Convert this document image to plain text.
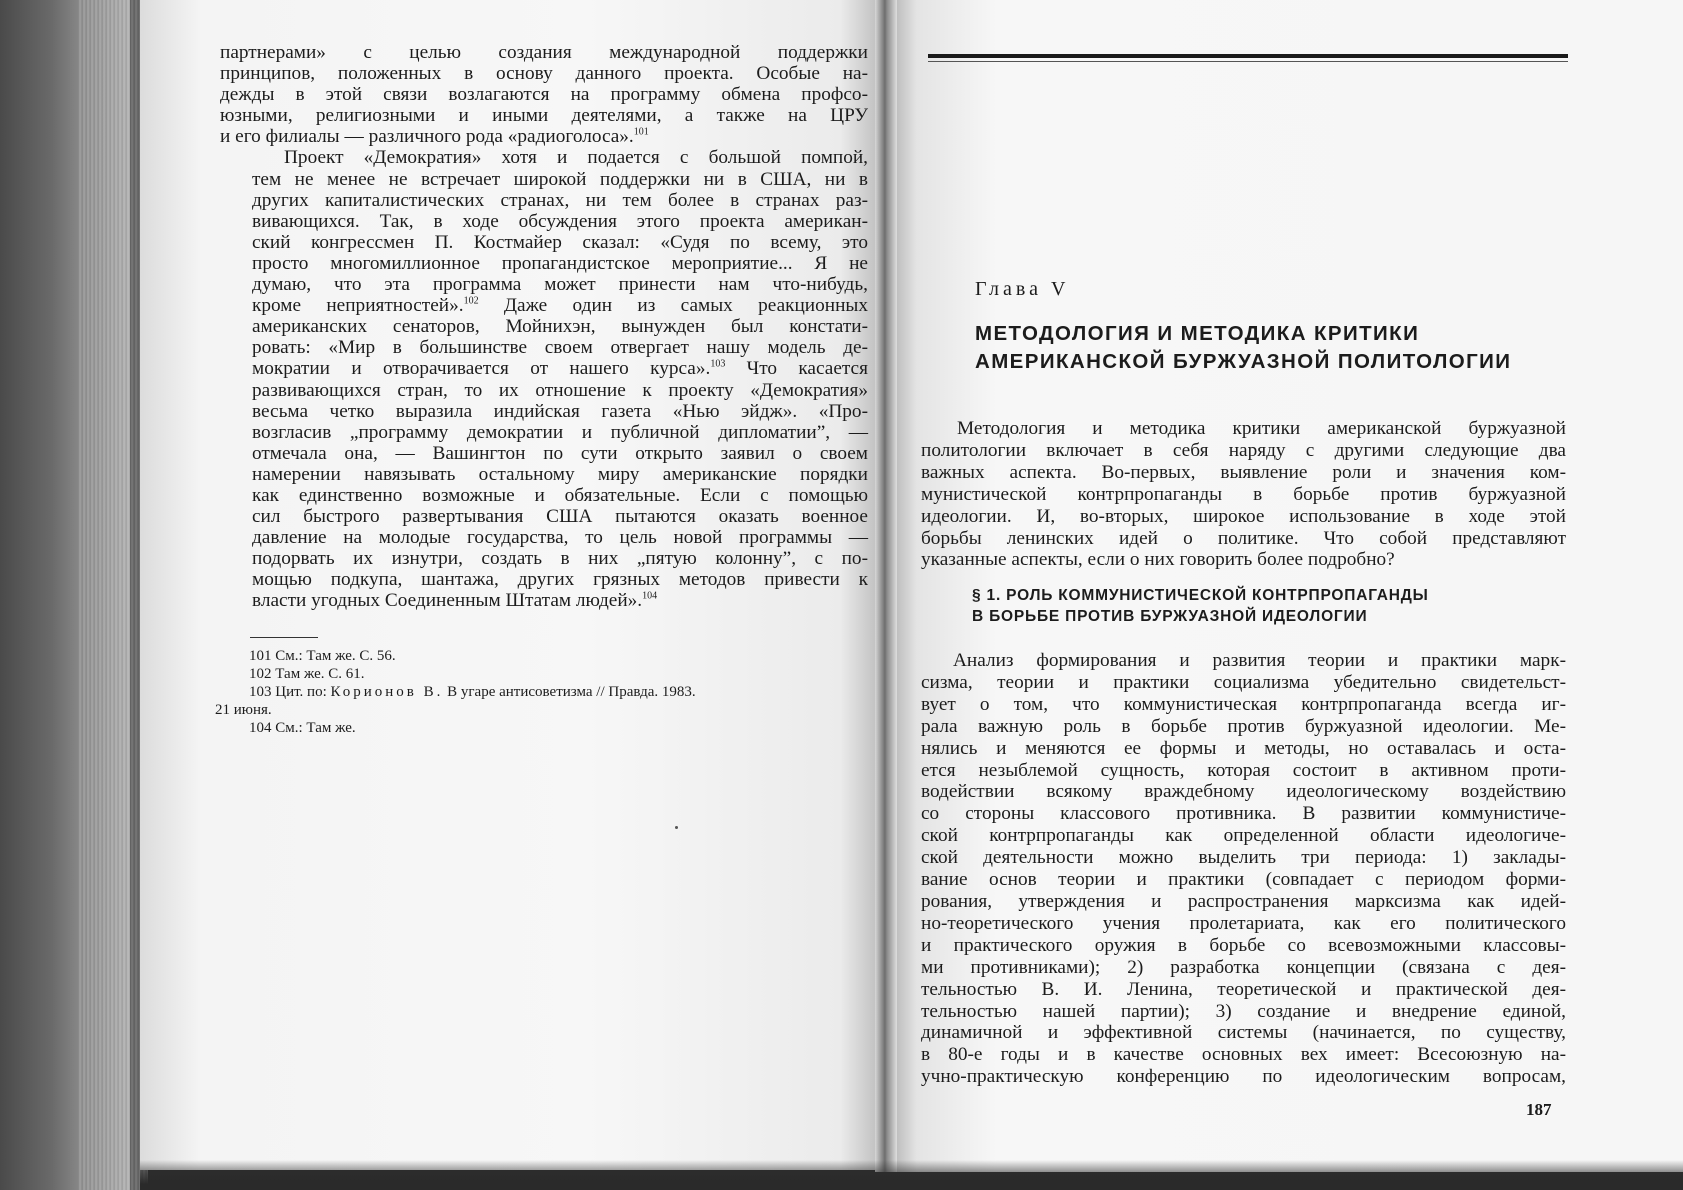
партнерами» с целью создания международной поддержки
принципов, положенных в основу данного проекта. Особые на-
дежды в этой связи возлагаются на программу обмена профсо-
юзными, религиозными и иными деятелями, а также на ЦРУ
и его филиалы — различного рода «радиоголоса».$^{101}$

Проект «Демократия» хотя и подается с большой помпой,
тем не менее не встречает широкой поддержки ни в США, ни в
других капиталистических странах, ни тем более в странах раз-
вивающихся. Так, в ходе обсуждения этого проекта американ-
ский конгрессмен П. Костмайер сказал: «Судя по всему, это
просто многомиллионное пропагандистское мероприятие... Я не
думаю, что эта программа может принести нам что-нибудь,
кроме неприятностей».$^{102}$ Даже один из самых реакционных
американских сенаторов, Мойнихэн, вынужден был констати-
ровать: «Мир в большинстве своем отвергает нашу модель де-
мократии и отворачивается от нашего курса».$^{103}$ Что касается
развивающихся стран, то их отношение к проекту «Демократия»
весьма четко выразила индийская газета «Нью эйдж». «Про-
возгласив „программу демократии и публичной дипломатии”, —
отмечала она, — Вашингтон по сути открыто заявил о своем
намерении навязывать остальному миру американские порядки
как единственно возможные и обязательные. Если с помощью
сил быстрого развертывания США пытаются оказать военное
давление на молодые государства, то цель новой программы —
подорвать их изнутри, создать в них „пятую колонну”, с по-
мощью подкупа, шантажа, других грязных методов привести к
власти угодных Соединенным Штатам людей».$^{104}$

101 См.: Там же. С. 56.
102 Там же. С. 61.
103 Цит. по: Корионов В. В угаре антисоветизма // Правда. 1983.
21 июня.
104 См.: Там же.
Глава V
МЕТОДОЛОГИЯ И МЕТОДИКА КРИТИКИ
АМЕРИКАНСКОЙ БУРЖУАЗНОЙ ПОЛИТОЛОГИИ
Методология и методика критики американской буржуазной
политологии включает в себя наряду с другими следующие два
важных аспекта. Во-первых, выявление роли и значения ком-
мунистической контрпропаганды в борьбе против буржуазной
идеологии. И, во-вторых, широкое использование в ходе этой
борьбы ленинских идей о политике. Что собой представляют
указанные аспекты, если о них говорить более подробно?
§ 1. РОЛЬ КОММУНИСТИЧЕСКОЙ КОНТРПРОПАГАНДЫ
В БОРЬБЕ ПРОТИВ БУРЖУАЗНОЙ ИДЕОЛОГИИ
Анализ формирования и развития теории и практики марк-
сизма, теории и практики социализма убедительно свидетельст-
вует о том, что коммунистическая контрпропаганда всегда иг-
рала важную роль в борьбе против буржуазной идеологии. Ме-
нялись и меняются ее формы и методы, но оставалась и оста-
ется незыблемой сущность, которая состоит в активном проти-
водействии всякому враждебному идеологическому воздействию
со стороны классового противника. В развитии коммунистиче-
ской контрпропаганды как определенной области идеологиче-
ской деятельности можно выделить три периода: 1) заклады-
вание основ теории и практики (совпадает с периодом форми-
рования, утверждения и распространения марксизма как идей-
но-теоретического учения пролетариата, как его политического
и практического оружия в борьбе со всевозможными классовы-
ми противниками); 2) разработка концепции (связана с дея-
тельностью В. И. Ленина, теоретической и практической дея-
тельностью нашей партии); 3) создание и внедрение единой,
динамичной и эффективной системы (начинается, по существу,
в 80-е годы и в качестве основных вех имеет: Всесоюзную на-
учно-практическую конференцию по идеологическим вопросам,
187
